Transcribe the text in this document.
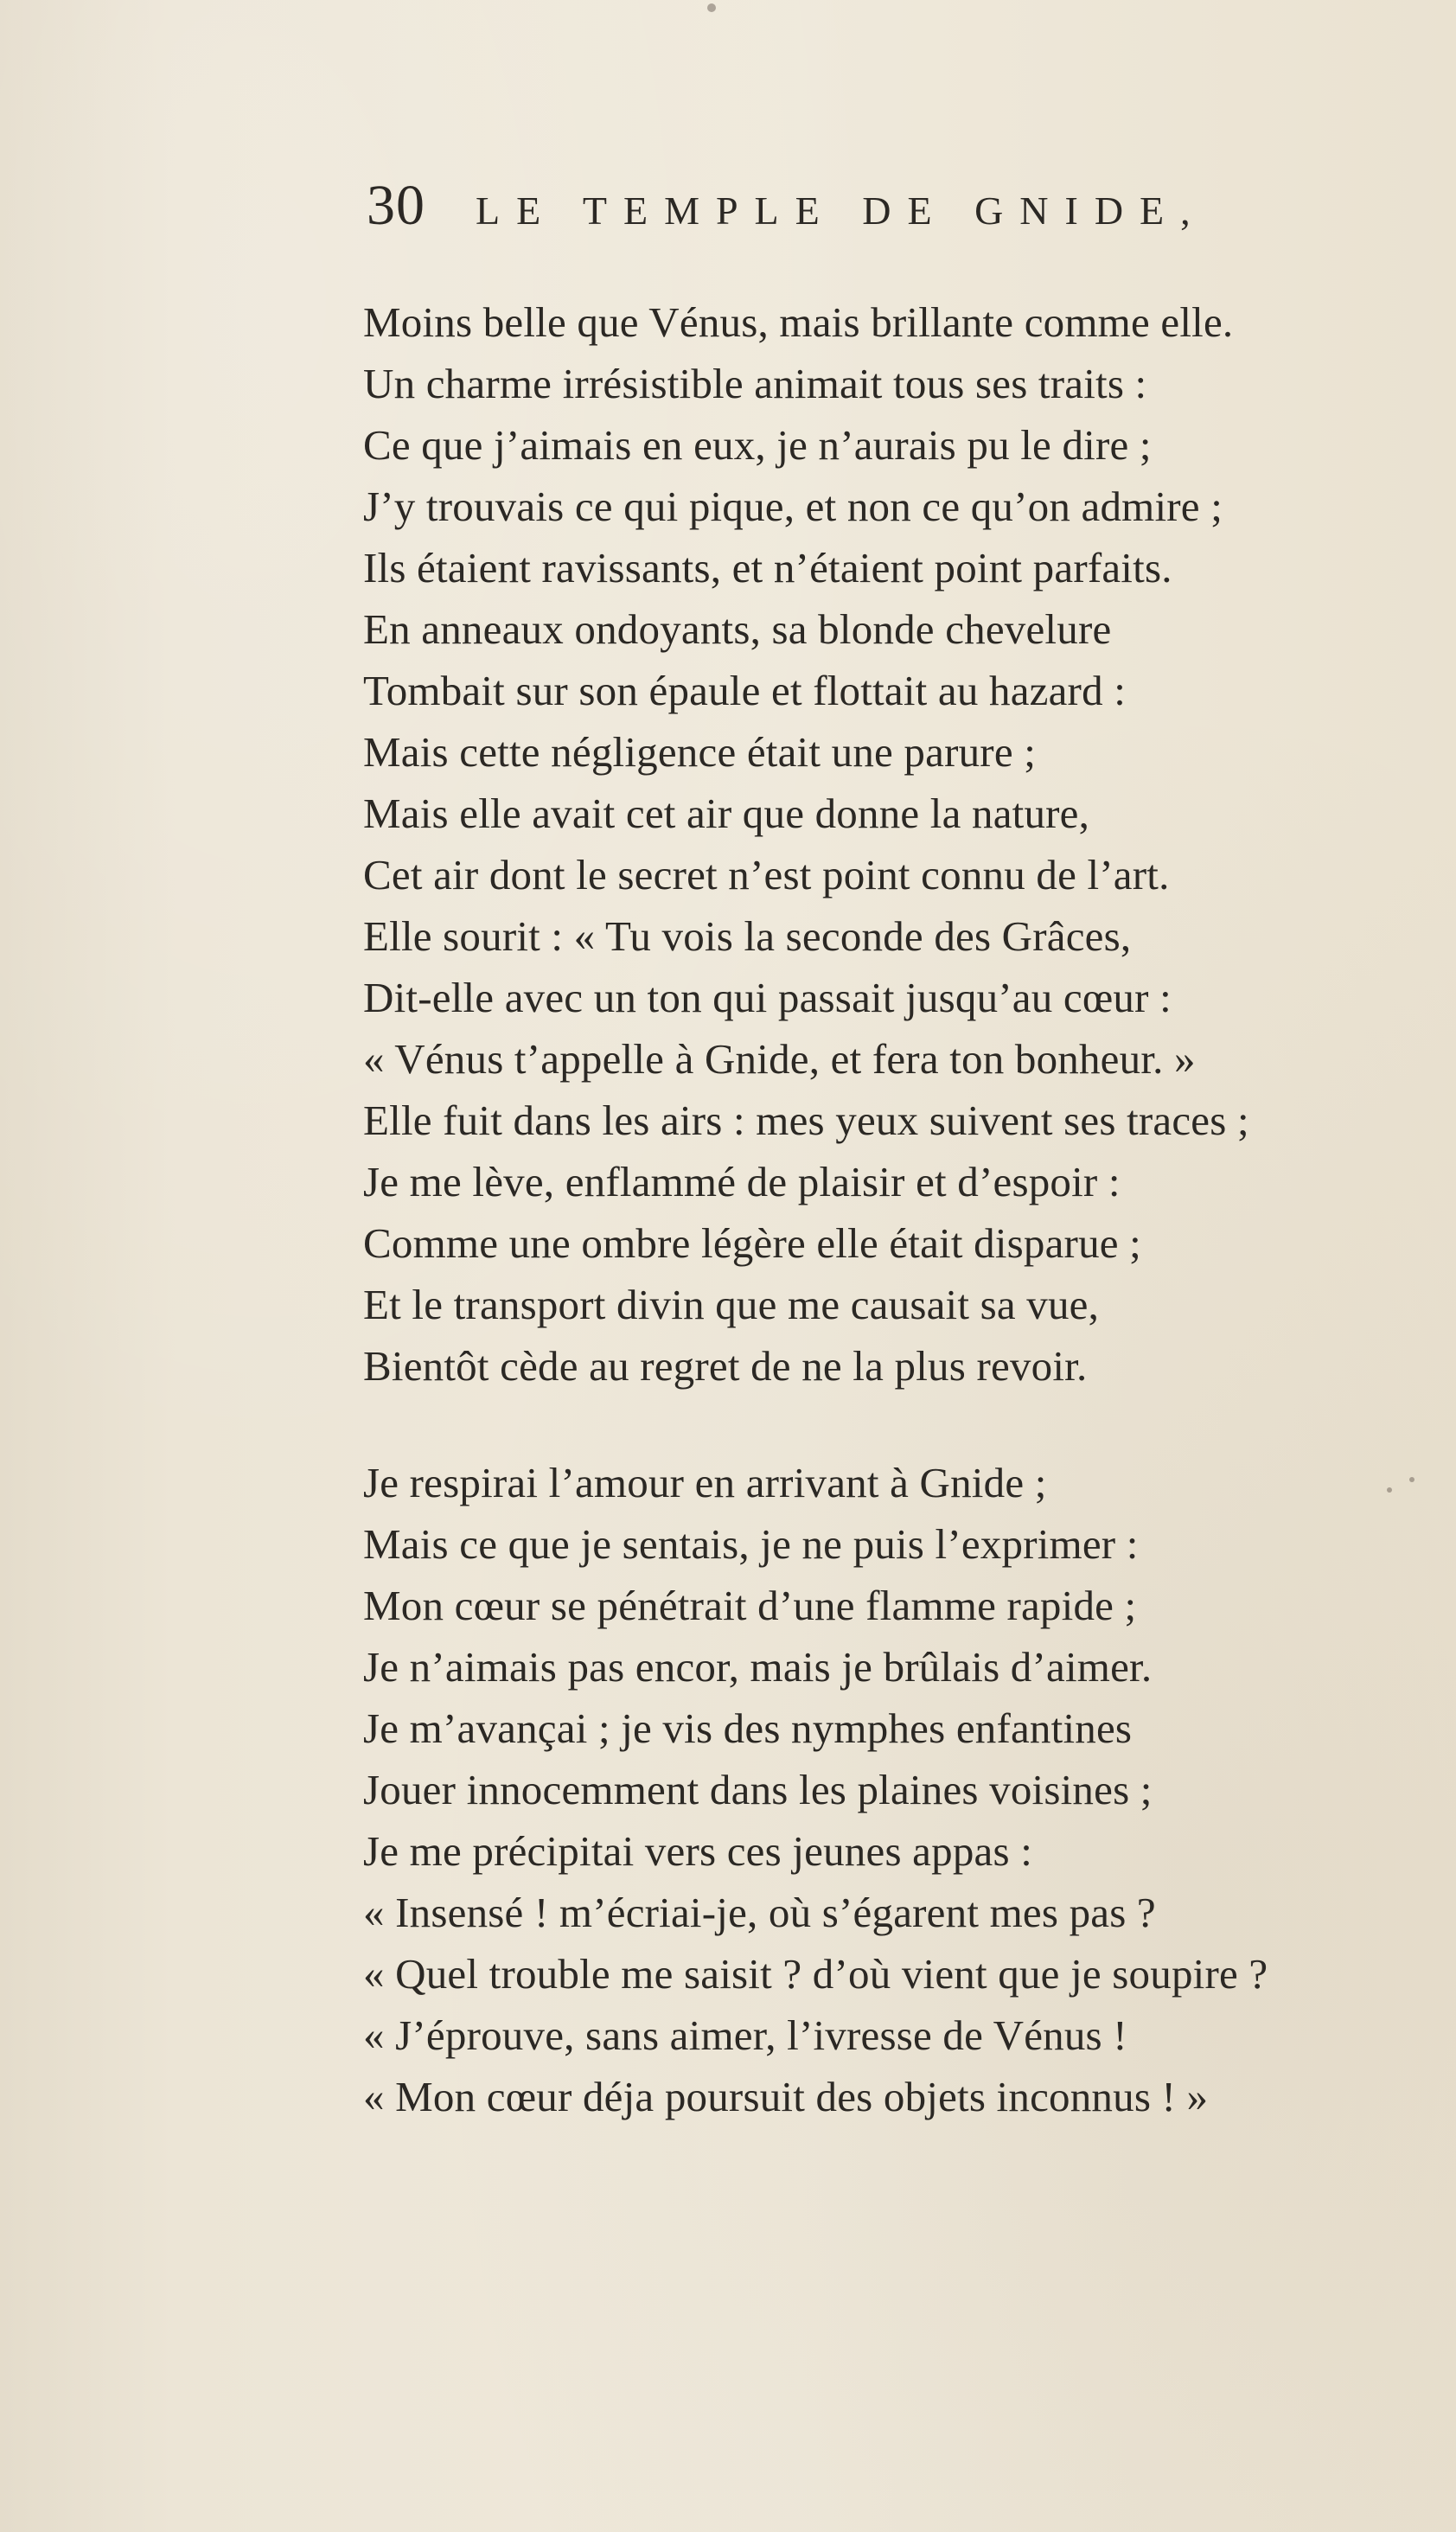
30 LE TEMPLE DE GNIDE,
Moins belle que Vénus, mais brillante comme elle.
Un charme irrésistible animait tous ses traits :
Ce que j’aimais en eux, je n’aurais pu le dire ;
J’y trouvais ce qui pique, et non ce qu’on admire ;
Ils étaient ravissants, et n’étaient point parfaits.
En anneaux ondoyants, sa blonde chevelure
Tombait sur son épaule et flottait au hazard :
Mais cette négligence était une parure ;
Mais elle avait cet air que donne la nature,
Cet air dont le secret n’est point connu de l’art.
Elle sourit : « Tu vois la seconde des Grâces,
Dit-elle avec un ton qui passait jusqu’au cœur :
« Vénus t’appelle à Gnide, et fera ton bonheur. »
Elle fuit dans les airs : mes yeux suivent ses traces ;
Je me lève, enflammé de plaisir et d’espoir :
Comme une ombre légère elle était disparue ;
Et le transport divin que me causait sa vue,
Bientôt cède au regret de ne la plus revoir.
Je respirai l’amour en arrivant à Gnide ;
Mais ce que je sentais, je ne puis l’exprimer :
Mon cœur se pénétrait d’une flamme rapide ;
Je n’aimais pas encor, mais je brûlais d’aimer.
Je m’avançai ; je vis des nymphes enfantines
Jouer innocemment dans les plaines voisines ;
Je me précipitai vers ces jeunes appas :
« Insensé ! m’écriai-je, où s’égarent mes pas ?
« Quel trouble me saisit ? d’où vient que je soupire ?
« J’éprouve, sans aimer, l’ivresse de Vénus !
« Mon cœur déja poursuit des objets inconnus ! »
